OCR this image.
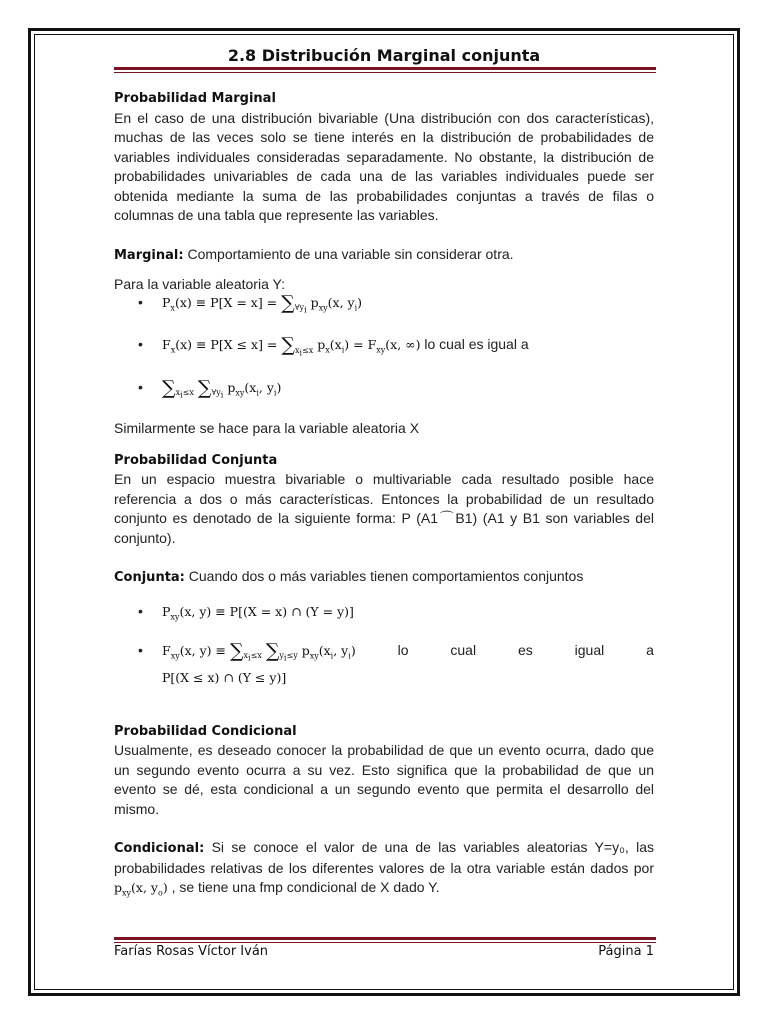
2.8 Distribución Marginal conjunta
Probabilidad Marginal

En el caso de una distribución bivariable (Una distribución con dos características), muchas de las veces solo se tiene interés en la distribución de probabilidades de variables individuales consideradas separadamente. No obstante, la distribución de probabilidades univariables de cada una de las variables individuales puede ser obtenida mediante la suma de las probabilidades conjuntas a través de filas o columnas de una tabla que represente las variables.

Marginal: Comportamiento de una variable sin considerar otra.

Para la variable aleatoria Y:

• $P_x(x) \equiv P[X = x] = \sum_{\forall y_i}$ $p_{xy}(x$, $y_i$)
• $F_x(x) \equiv P[X \le x] = \sum_{x_i\le x}$ $p_x(x_i) = F_{xy}(x$, ∞) lo cual es igual a
• $\sum_{x_i\le x}$ $\sum_{\forall y_i}$ $p_{xy}(x_i$, $y_i$)

Similarmente se hace para la variable aleatoria X

Probabilidad Conjunta

En un espacio muestra bivariable o multivariable cada resultado posible hace referencia a dos o más características. Entonces la probabilidad de un resultado conjunto es denotado de la siguiente forma: P (A1⌒B1) (A1 y B1 son variables del conjunto).

Conjunta: Cuando dos o más variables tienen comportamientos conjuntos

• $P_{xy}(x$, y) ≡ P[(X = x) ∩ (Y = y)]
• $F_{xy}(x$, $y) \equiv \sum_{x_i\le x}$ $\sum_{y_i\le y}$ $p_{xy}(x_i$, $y_i$)	lo	cual	es	igual	a
P[(X ≤ x) ∩ (Y ≤ y)]
Probabilidad Condicional

Usualmente, es deseado conocer la probabilidad de que un evento ocurra, dado que un segundo evento ocurra a su vez. Esto significa que la probabilidad de que un evento se dé, esta condicional a un segundo evento que permita el desarrollo del mismo.

Condicional: Si se conoce el valor de una de las variables aleatorias Y=y₀, las probabilidades relativas de los diferentes valores de la otra variable están dados por $p_{xy}(x$, $y_o$) , se tiene una fmp condicional de X dado Y.

Farías Rosas Víctor Iván	Página 1
